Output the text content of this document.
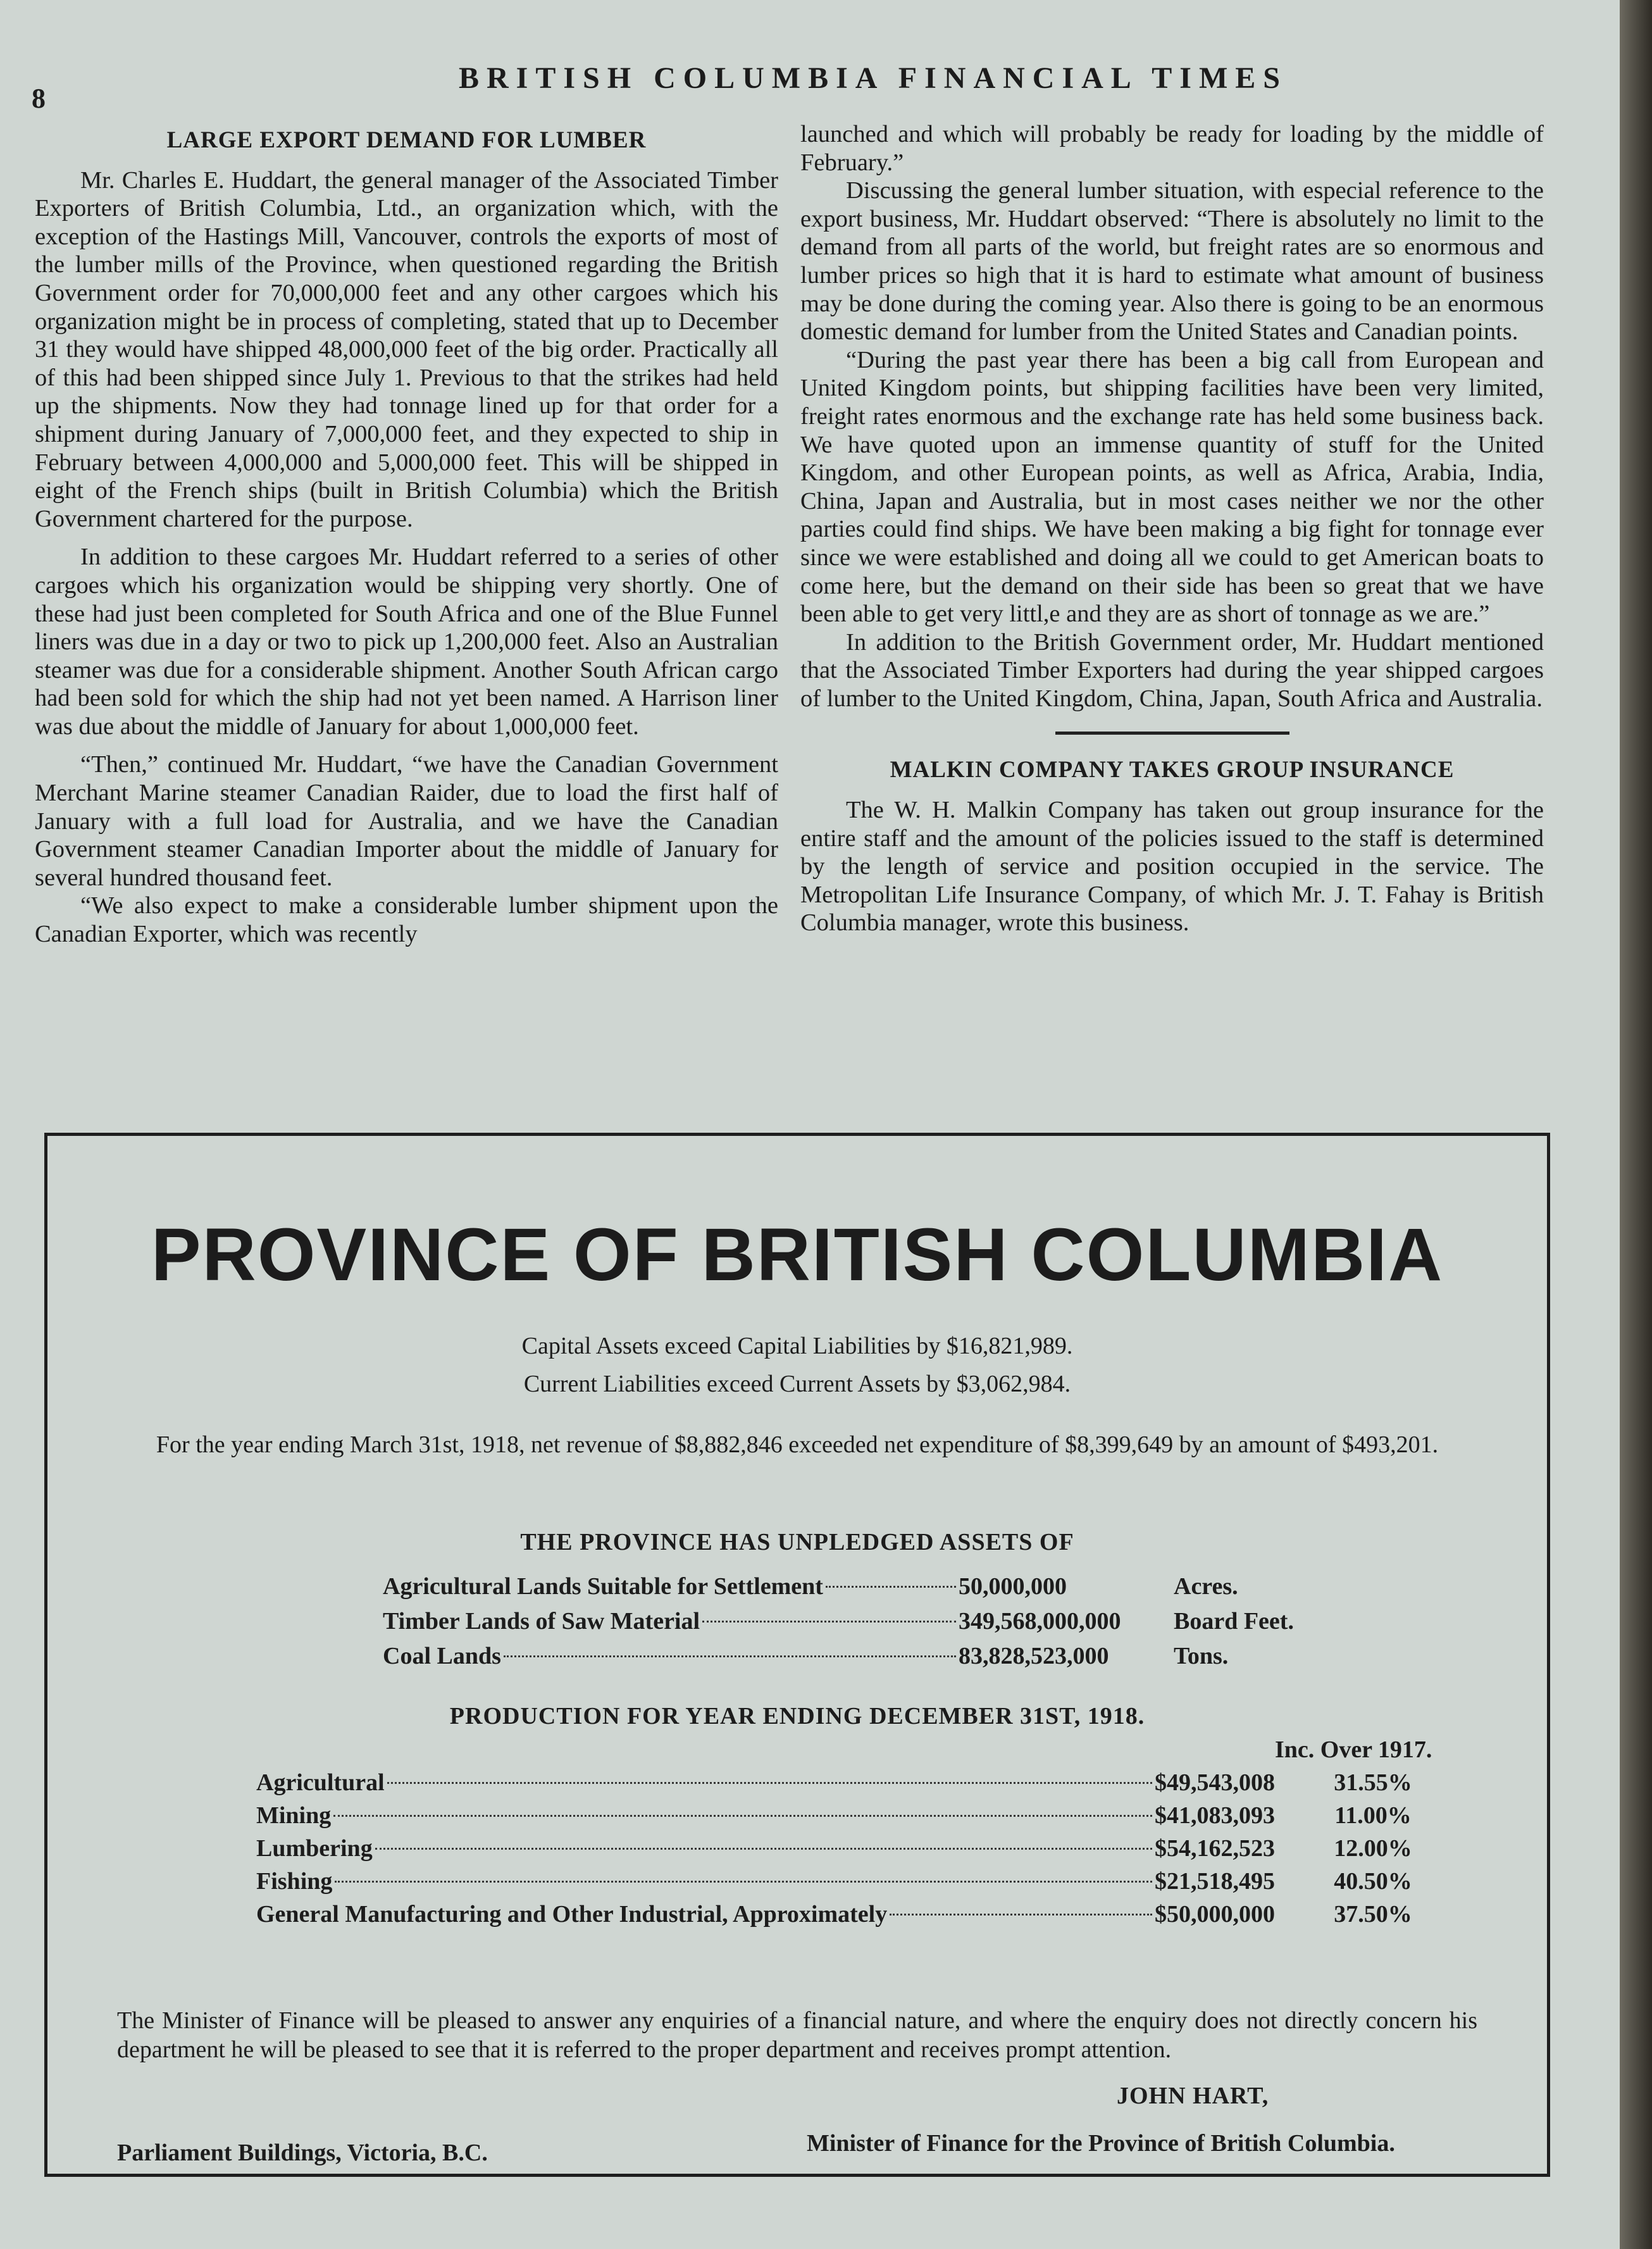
8
BRITISH COLUMBIA FINANCIAL TIMES
LARGE EXPORT DEMAND FOR LUMBER

Mr. Charles E. Huddart, the general manager of the Associated Timber Exporters of British Columbia, Ltd., an organization which, with the exception of the Hastings Mill, Vancouver, controls the exports of most of the lumber mills of the Province, when questioned regarding the British Government order for 70,000,000 feet and any other cargoes which his organization might be in process of completing, stated that up to December 31 they would have shipped 48,000,000 feet of the big order. Practically all of this had been shipped since July 1. Previous to that the strikes had held up the shipments. Now they had tonnage lined up for that order for a shipment during January of 7,000,000 feet, and they expected to ship in February between 4,000,000 and 5,000,000 feet. This will be shipped in eight of the French ships (built in British Columbia) which the British Government chartered for the purpose.

In addition to these cargoes Mr. Huddart referred to a series of other cargoes which his organization would be shipping very shortly. One of these had just been completed for South Africa and one of the Blue Funnel liners was due in a day or two to pick up 1,200,000 feet. Also an Australian steamer was due for a considerable shipment. Another South African cargo had been sold for which the ship had not yet been named. A Harrison liner was due about the middle of January for about 1,000,000 feet.

“Then,” continued Mr. Huddart, “we have the Canadian Government Merchant Marine steamer Canadian Raider, due to load the first half of January with a full load for Australia, and we have the Canadian Government steamer Canadian Importer about the middle of January for several hundred thousand feet.

“We also expect to make a considerable lumber shipment upon the Canadian Exporter, which was recently

launched and which will probably be ready for loading by the middle of February.”

Discussing the general lumber situation, with especial reference to the export business, Mr. Huddart observed: “There is absolutely no limit to the demand from all parts of the world, but freight rates are so enormous and lumber prices so high that it is hard to estimate what amount of business may be done during the coming year. Also there is going to be an enormous domestic demand for lumber from the United States and Canadian points.

“During the past year there has been a big call from European and United Kingdom points, but shipping facilities have been very limited, freight rates enormous and the exchange rate has held some business back. We have quoted upon an immense quantity of stuff for the United Kingdom, and other European points, as well as Africa, Arabia, India, China, Japan and Australia, but in most cases neither we nor the other parties could find ships. We have been making a big fight for tonnage ever since we were established and doing all we could to get American boats to come here, but the demand on their side has been so great that we have been able to get very littl,e and they are as short of tonnage as we are.”

In addition to the British Government order, Mr. Huddart mentioned that the Associated Timber Exporters had during the year shipped cargoes of lumber to the United Kingdom, China, Japan, South Africa and Australia.

MALKIN COMPANY TAKES GROUP INSURANCE

The W. H. Malkin Company has taken out group insurance for the entire staff and the amount of the policies issued to the staff is determined by the length of service and position occupied in the service. The Metropolitan Life Insurance Company, of which Mr. J. T. Fahay is British Columbia manager, wrote this business.

PROVINCE OF BRITISH COLUMBIA
Capital Assets exceed Capital Liabilities by $16,821,989.
Current Liabilities exceed Current Assets by $3,062,984.
For the year ending March 31st, 1918, net revenue of $8,882,846 exceeded net expenditure of $8,399,649 by an amount of $493,201.
THE PROVINCE HAS UNPLEDGED ASSETS OF
Agricultural Lands Suitable for Settlement	50,000,000	Acres.
Timber Lands of Saw Material	349,568,000,000	Board Feet.
Coal Lands	83,828,523,000	Tons.
PRODUCTION FOR YEAR ENDING DECEMBER 31ST, 1918.
Inc. Over 1917.
Agricultural	$49,543,008	31.55%
Mining	$41,083,093	11.00%
Lumbering	$54,162,523	12.00%
Fishing	$21,518,495	40.50%
General Manufacturing and Other Industrial, Approximately	$50,000,000	37.50%
The Minister of Finance will be pleased to answer any enquiries of a financial nature, and where the enquiry does not directly concern his department he will be pleased to see that it is referred to the proper department and receives prompt attention.
JOHN HART,
Minister of Finance for the Province of British Columbia.
Parliament Buildings, Victoria, B.C.
